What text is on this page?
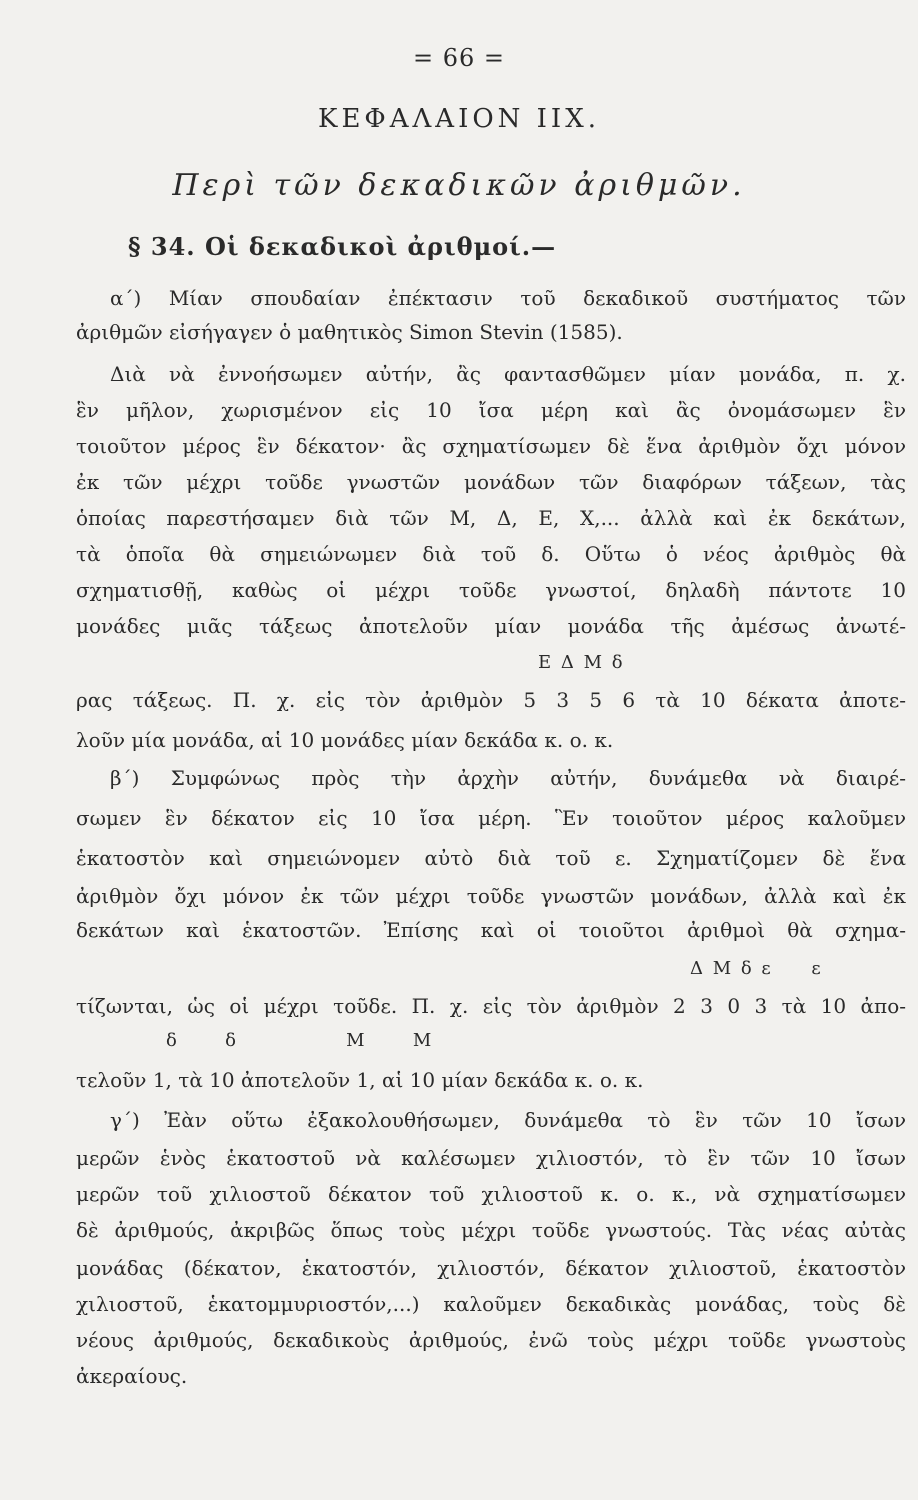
= 66 =
ΚΕΦΑΛΑΙΟΝ IIX.
Περὶ τῶν δεκαδικῶν ἀριθμῶν.
§ 34. Οἱ δεκαδικοὶ ἀριθμοί.—
α΄) Μίαν σπουδαίαν ἐπέκτασιν τοῦ δεκαδικοῦ συστήματος τῶν
ἀριθμῶν εἰσήγαγεν ὁ μαθητικὸς Simon Stevin (1585).
Διὰ νὰ ἐννοήσωμεν αὐτήν, ἂς φαντασθῶμεν μίαν μονάδα, π. χ.
ἓν μῆλον, χωρισμένον εἰς 10 ἴσα μέρη καὶ ἂς ὀνομάσωμεν ἓν
τοιοῦτον μέρος ἓν δέκατον· ἂς σχηματίσωμεν δὲ ἕνα ἀριθμὸν ὄχι μόνον
ἐκ τῶν μέχρι τοῦδε γνωστῶν μονάδων τῶν διαφόρων τάξεων, τὰς
ὁποίας παρεστήσαμεν διὰ τῶν Μ, Δ, Ε, Χ,... ἀλλὰ καὶ ἐκ δεκάτων,
τὰ ὁποῖα θὰ σημειώνωμεν διὰ τοῦ δ. Οὕτω ὁ νέος ἀριθμὸς θὰ
σχηματισθῇ, καθὼς οἱ μέχρι τοῦδε γνωστοί, δηλαδὴ πάντοτε 10
μονάδες μιᾶς τάξεως ἀποτελοῦν μίαν μονάδα τῆς ἀμέσως ἀνωτέ-
ρας τάξεως. Π. χ. εἰς τὸν ἀριθμὸν 5 3 5 6 τὰ 10 δέκατα ἀποτε-
λοῦν μία μονάδα, αἱ 10 μονάδες μίαν δεκάδα κ. ο. κ.
β΄) Συμφώνως πρὸς τὴν ἀρχὴν αὐτήν, δυνάμεθα νὰ διαιρέ-
σωμεν ἓν δέκατον εἰς 10 ἴσα μέρη. Ἓν τοιοῦτον μέρος καλοῦμεν
ἑκατοστὸν καὶ σημειώνομεν αὐτὸ διὰ τοῦ ε. Σχηματίζομεν δὲ ἕνα
ἀριθμὸν ὄχι μόνον ἐκ τῶν μέχρι τοῦδε γνωστῶν μονάδων, ἀλλὰ καὶ ἐκ
δεκάτων καὶ ἑκατοστῶν. Ἐπίσης καὶ οἱ τοιοῦτοι ἀριθμοὶ θὰ σχημα-
τίζωνται, ὡς οἱ μέχρι τοῦδε. Π. χ. εἰς τὸν ἀριθμὸν 2 3 0 3 τὰ 10 ἀπο-
τελοῦν 1, τὰ 10 ἀποτελοῦν 1, αἱ 10 μίαν δεκάδα κ. ο. κ.
γ΄) Ἐὰν οὕτω ἐξακολουθήσωμεν, δυνάμεθα τὸ ἓν τῶν 10 ἴσων
μερῶν ἑνὸς ἑκατοστοῦ νὰ καλέσωμεν χιλιοστόν, τὸ ἓν τῶν 10 ἴσων
μερῶν τοῦ χιλιοστοῦ δέκατον τοῦ χιλιοστοῦ κ. ο. κ., νὰ σχηματίσωμεν
δὲ ἀριθμούς, ἀκριβῶς ὅπως τοὺς μέχρι τοῦδε γνωστούς. Τὰς νέας αὐτὰς
μονάδας (δέκατον, ἑκατοστόν, χιλιοστόν, δέκατον χιλιοστοῦ, ἑκατοστὸν
χιλιοστοῦ, ἑκατομμυριοστόν,...) καλοῦμεν δεκαδικὰς μονάδας, τοὺς δὲ
νέους ἀριθμούς, δεκαδικοὺς ἀριθμούς, ἐνῶ τοὺς μέχρι τοῦδε γνωστοὺς
ἀκεραίους.
Ε Δ Μ δ
Δ Μ δ ε     ε
δ      δ              Μ      Μ
